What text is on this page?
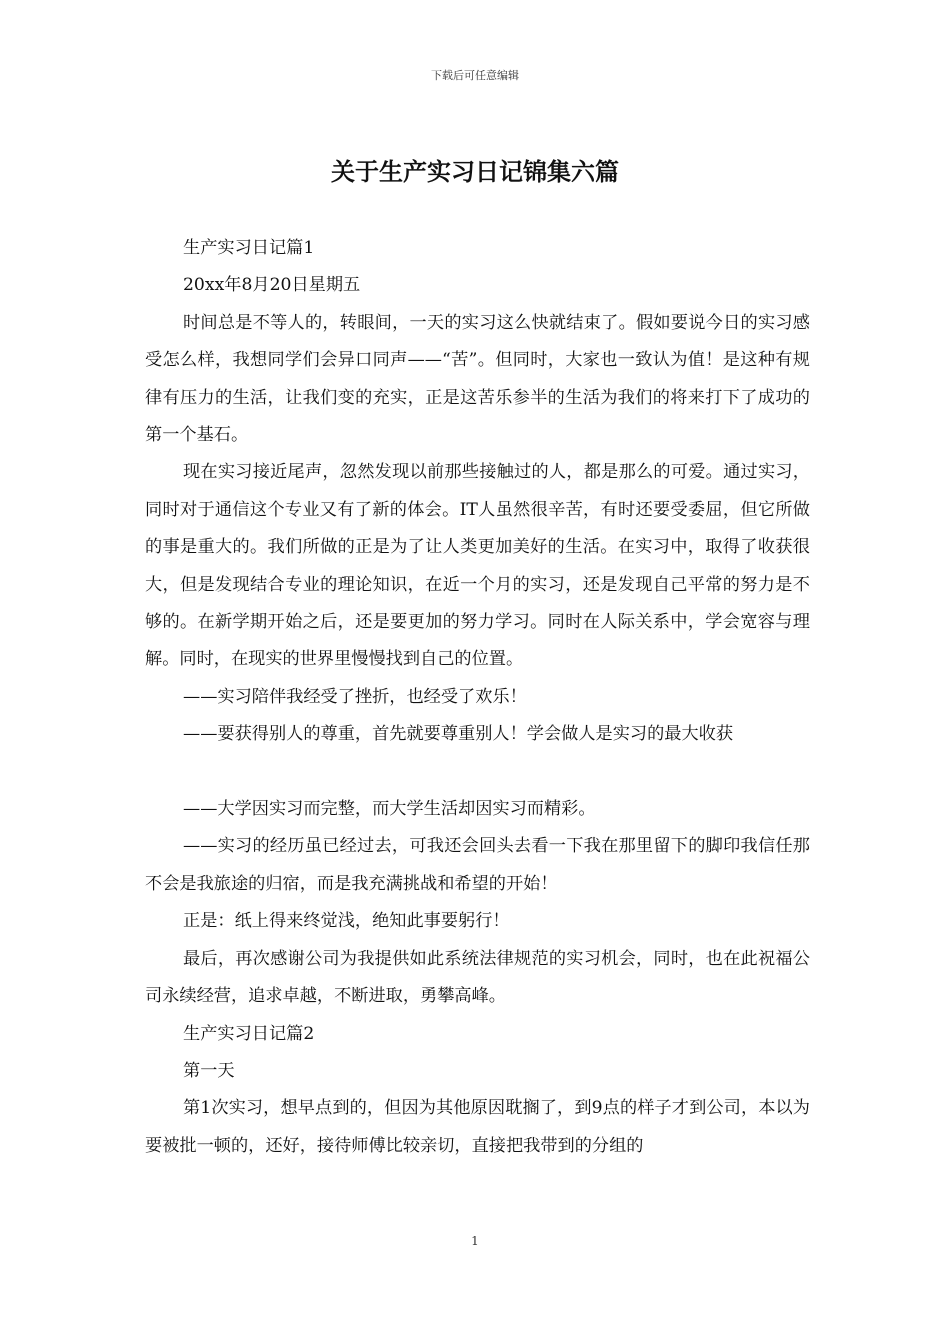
下载后可任意编辑
关于生产实习日记锦集六篇

生产实习日记篇1

20xx年8月20日星期五

时间总是不等人的，转眼间，一天的实习这么快就结束了。假如要说今日的实习感受怎么样，我想同学们会异口同声——“苦”。但同时，大家也一致认为值！是这种有规律有压力的生活，让我们变的充实，正是这苦乐参半的生活为我们的将来打下了成功的第一个基石。

现在实习接近尾声，忽然发现以前那些接触过的人，都是那么的可爱。通过实习，同时对于通信这个专业又有了新的体会。IT人虽然很辛苦，有时还要受委屈，但它所做的事是重大的。我们所做的正是为了让人类更加美好的生活。在实习中，取得了收获很大，但是发现结合专业的理论知识，在近一个月的实习，还是发现自己平常的努力是不够的。在新学期开始之后，还是要更加的努力学习。同时在人际关系中，学会宽容与理解。同时，在现实的世界里慢慢找到自己的位置。

——实习陪伴我经受了挫折，也经受了欢乐！

——要获得别人的尊重，首先就要尊重别人！学会做人是实习的最大收获

——大学因实习而完整，而大学生活却因实习而精彩。

——实习的经历虽已经过去，可我还会回头去看一下我在那里留下的脚印我信任那不会是我旅途的归宿，而是我充满挑战和希望的开始！

正是：纸上得来终觉浅，绝知此事要躬行！

最后，再次感谢公司为我提供如此系统法律规范的实习机会，同时，也在此祝福公司永续经营，追求卓越，不断进取，勇攀高峰。

生产实习日记篇2

第一天

第1次实习，想早点到的，但因为其他原因耽搁了，到9点的样子才到公司，本以为要被批一顿的，还好，接待师傅比较亲切，直接把我带到的分组的

1
